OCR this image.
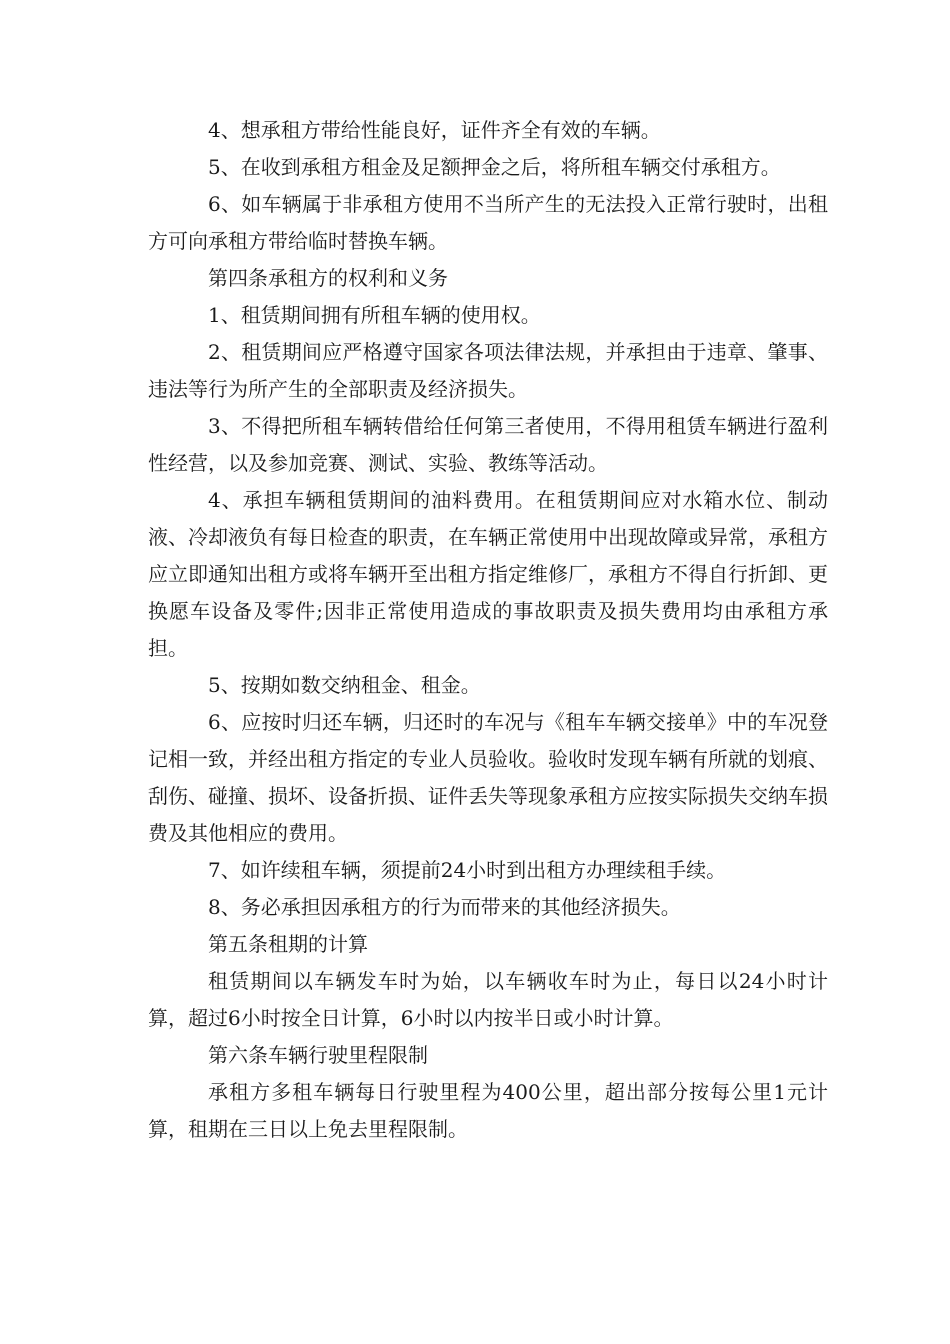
4、想承租方带给性能良好，证件齐全有效的车辆。

5、在收到承租方租金及足额押金之后，将所租车辆交付承租方。

6、如车辆属于非承租方使用不当所产生的无法投入正常行驶时，出租方可向承租方带给临时替换车辆。

第四条承租方的权利和义务

1、租赁期间拥有所租车辆的使用权。

2、租赁期间应严格遵守国家各项法律法规，并承担由于违章、肇事、违法等行为所产生的全部职责及经济损失。

3、不得把所租车辆转借给任何第三者使用，不得用租赁车辆进行盈利性经营，以及参加竞赛、测试、实验、教练等活动。

4、承担车辆租赁期间的油料费用。在租赁期间应对水箱水位、制动液、冷却液负有每日检查的职责，在车辆正常使用中出现故障或异常，承租方应立即通知出租方或将车辆开至出租方指定维修厂，承租方不得自行折卸、更换愿车设备及零件;因非正常使用造成的事故职责及损失费用均由承租方承担。

5、按期如数交纳租金、租金。

6、应按时归还车辆，归还时的车况与《租车车辆交接单》中的车况登记相一致，并经出租方指定的专业人员验收。验收时发现车辆有所就的划痕、刮伤、碰撞、损坏、设备折损、证件丢失等现象承租方应按实际损失交纳车损费及其他相应的费用。

7、如许续租车辆，须提前24小时到出租方办理续租手续。

8、务必承担因承租方的行为而带来的其他经济损失。

第五条租期的计算

租赁期间以车辆发车时为始，以车辆收车时为止，每日以24小时计算，超过6小时按全日计算，6小时以内按半日或小时计算。

第六条车辆行驶里程限制

承租方多租车辆每日行驶里程为400公里，超出部分按每公里1元计算，租期在三日以上免去里程限制。
